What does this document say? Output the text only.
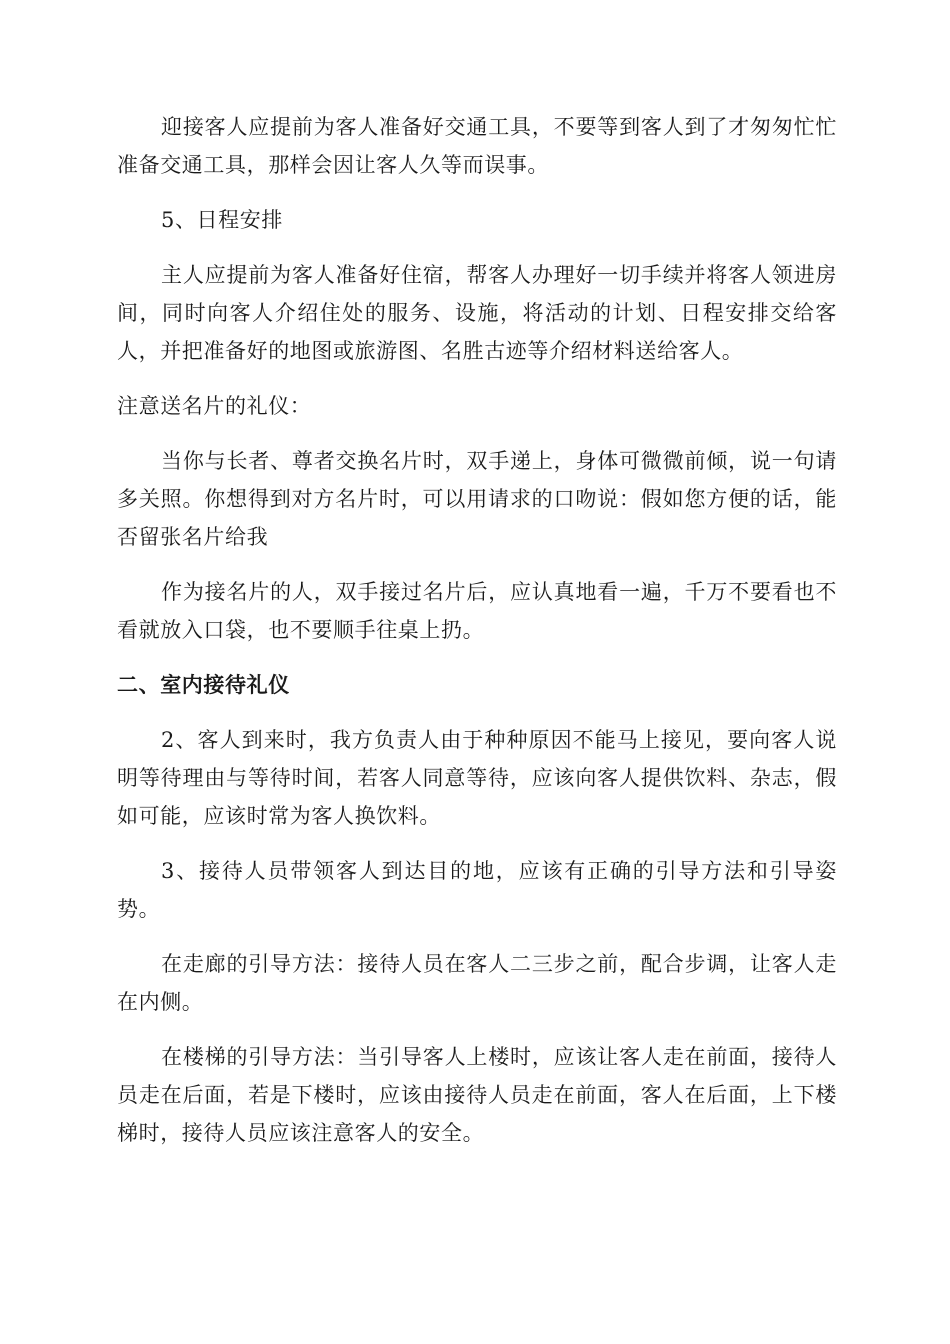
迎接客人应提前为客人准备好交通工具，不要等到客人到了才匆匆忙忙准备交通工具，那样会因让客人久等而误事。

5、日程安排

主人应提前为客人准备好住宿，帮客人办理好一切手续并将客人领进房间，同时向客人介绍住处的服务、设施，将活动的计划、日程安排交给客人，并把准备好的地图或旅游图、名胜古迹等介绍材料送给客人。

注意送名片的礼仪：

当你与长者、尊者交换名片时，双手递上，身体可微微前倾，说一句请多关照。你想得到对方名片时，可以用请求的口吻说：假如您方便的话，能否留张名片给我

作为接名片的人，双手接过名片后，应认真地看一遍，千万不要看也不看就放入口袋，也不要顺手往桌上扔。

二、室内接待礼仪

2、客人到来时，我方负责人由于种种原因不能马上接见，要向客人说明等待理由与等待时间，若客人同意等待，应该向客人提供饮料、杂志，假如可能，应该时常为客人换饮料。

3、接待人员带领客人到达目的地，应该有正确的引导方法和引导姿势。

在走廊的引导方法：接待人员在客人二三步之前，配合步调，让客人走在内侧。

在楼梯的引导方法：当引导客人上楼时，应该让客人走在前面，接待人员走在后面，若是下楼时，应该由接待人员走在前面，客人在后面，上下楼梯时，接待人员应该注意客人的安全。
